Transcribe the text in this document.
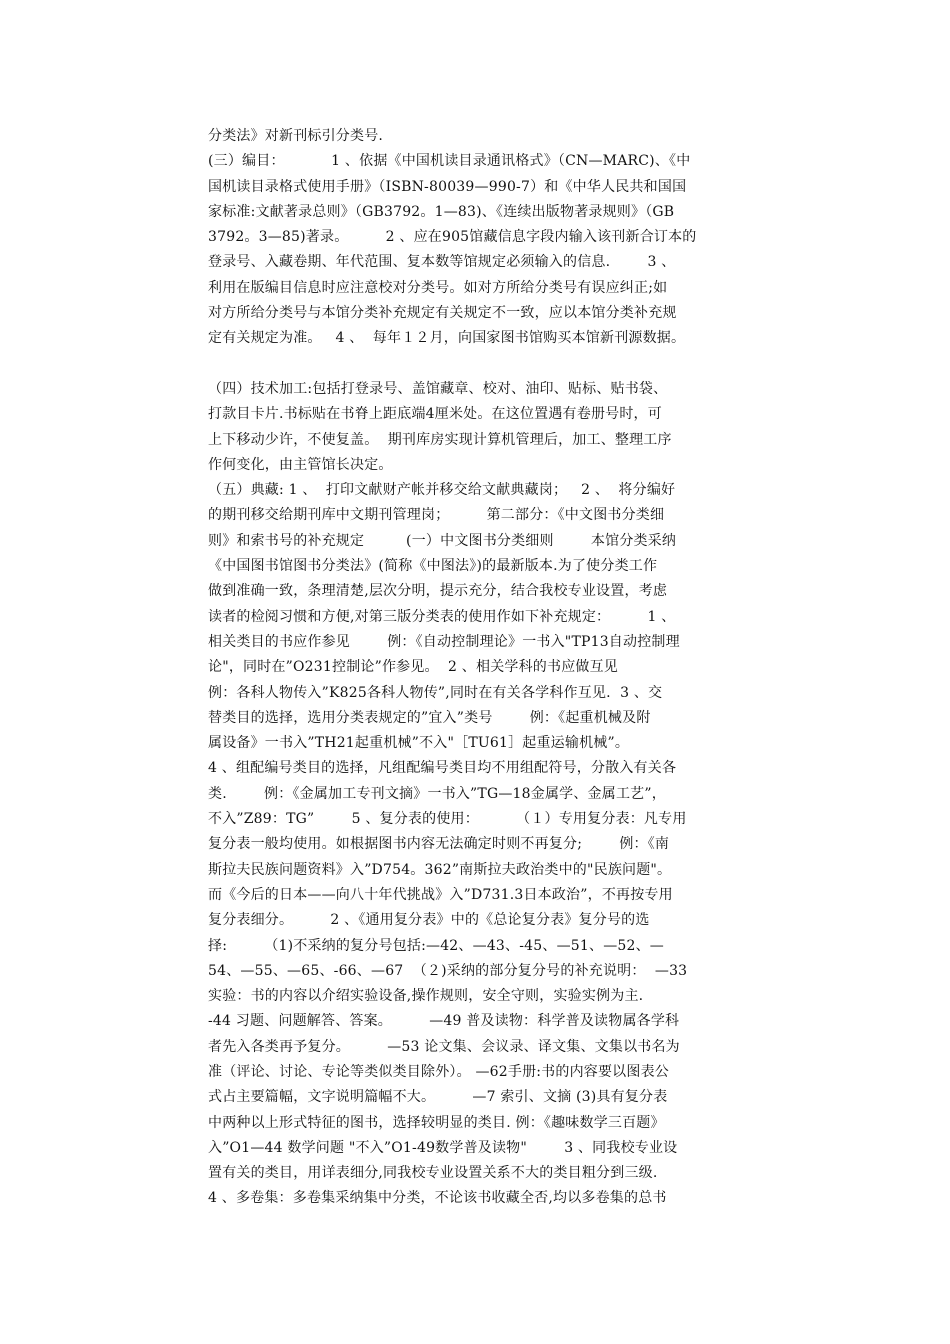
分类法》对新刊标引分类号.
(三）编目：          1 、依据《中国机读目录通讯格式》（CN—MARC)、《中
国机读目录格式使用手册》（ISBN-80039—990-7）和《中华人民共和国国
家标准:文献著录总则》（GB3792。1—83)、《连续出版物著录规则》（GB
3792。3—85)著录。        2 、应在905馆藏信息字段内输入该刊新合订本的
登录号、入藏卷期、年代范围、复本数等馆规定必须输入的信息.        3 、
利用在版编目信息时应注意校对分类号。如对方所给分类号有误应纠正;如
对方所给分类号与本馆分类补充规定有关规定不一致，应以本馆分类补充规
定有关规定为准。   4 、  每年１２月，向国家图书馆购买本馆新刊源数据。
（四）技术加工:包括打登录号、盖馆藏章、校对、油印、贴标、贴书袋、
打款目卡片.书标贴在书脊上距底端4厘米处。在这位置遇有卷册号时，可
上下移动少许，不使复盖。  期刊库房实现计算机管理后，加工、整理工序
作何变化，由主管馆长决定。
（五）典藏: 1 、  打印文献财产帐并移交给文献典藏岗；   2 、  将分编好
的期刊移交给期刊库中文期刊管理岗；        第二部分：《中文图书分类细
则》和索书号的补充规定         (一）中文图书分类细则        本馆分类采纳
《中国图书馆图书分类法》(简称《中图法》)的最新版本.为了使分类工作
做到准确一致，条理清楚,层次分明，提示充分，结合我校专业设置，考虑
读者的检阅习惯和方便,对第三版分类表的使用作如下补充规定：        1 、
相关类目的书应作参见        例：《自动控制理论》一书入"TP13自动控制理
论"，同时在”O231控制论”作参见。  2 、相关学科的书应做互见
例：各科人物传入”K825各科人物传”,同时在有关各学科作互见.  3 、交
替类目的选择，选用分类表规定的”宜入”类号        例：《起重机械及附
属设备》一书入”TH21起重机械”不入"［TU61］起重运输机械”。
4 、组配编号类目的选择，凡组配编号类目均不用组配符号，分散入有关各
类.        例：《金属加工专刊文摘》一书入”TG—18金属学、金属工艺”，
不入”Z89：TG”        5 、复分表的使用：        （１）专用复分表：凡专用
复分表一般均使用。如根据图书内容无法确定时则不再复分;        例：《南
斯拉夫民族问题资料》入”D754。362”南斯拉夫政治类中的"民族问题"。
而《今后的日本——向八十年代挑战》入”D731.3日本政治”，不再按专用
复分表细分。        2 、《通用复分表》中的《总论复分表》复分号的选
择:        （1)不采纳的复分号包括:—42、—43、-45、—51、—52、—
54、—55、—65、-66、—67  （２)采纳的部分复分号的补充说明：  —33
实验：书的内容以介绍实验设备,操作规则，安全守则，实验实例为主.
-44 习题、问题解答、答案。        —49 普及读物：科学普及读物属各学科
者先入各类再予复分。        —53 论文集、会议录、译文集、文集以书名为
准（评论、讨论、专论等类似类目除外）。 —62手册:书的内容要以图表公
式占主要篇幅，文字说明篇幅不大。        —7 索引、文摘 (3)具有复分表
中两种以上形式特征的图书，选择较明显的类目. 例：《趣味数学三百题》
入”O1—44 数学问题 "不入”O1-49数学普及读物"        3 、同我校专业设
置有关的类目，用详表细分,同我校专业设置关系不大的类目粗分到三级.
4 、多卷集：多卷集采纳集中分类，不论该书收藏全否,均以多卷集的总书
